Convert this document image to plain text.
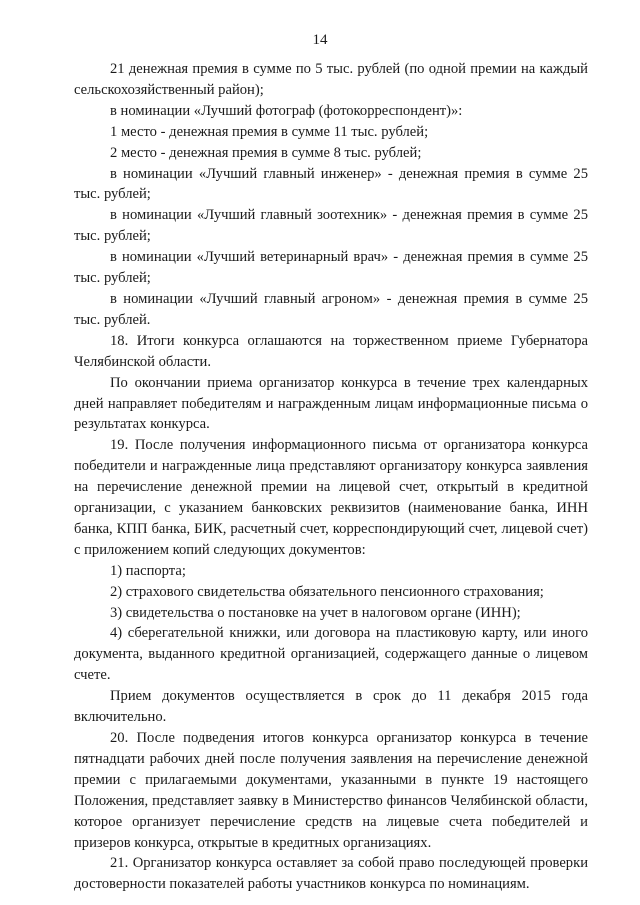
14

21 денежная премия в сумме по 5 тыс. рублей (по одной премии на каждый сельскохозяйственный район);

в номинации «Лучший фотограф (фотокорреспондент)»:

1 место - денежная премия в сумме 11 тыс. рублей;

2 место - денежная премия в сумме 8 тыс. рублей;

в номинации «Лучший главный инженер» - денежная премия в сумме 25 тыс. рублей;

в номинации «Лучший главный зоотехник» - денежная премия в сумме 25 тыс. рублей;

в номинации «Лучший ветеринарный врач» - денежная премия в сумме 25 тыс. рублей;

в номинации «Лучший главный агроном» - денежная премия в сумме 25 тыс. рублей.

18. Итоги конкурса оглашаются на торжественном приеме Губернатора Челябинской области.

По окончании приема организатор конкурса в течение трех календарных дней направляет победителям и награжденным лицам информационные письма о результатах конкурса.

19. После получения информационного письма от организатора конкурса победители и награжденные лица представляют организатору конкурса заявления на перечисление денежной премии на лицевой счет, открытый в кредитной организации, с указанием банковских реквизитов (наименование банка, ИНН банка, КПП банка, БИК, расчетный счет, корреспондирующий счет, лицевой счет) с приложением копий следующих документов:

1) паспорта;

2) страхового свидетельства обязательного пенсионного страхования;

3) свидетельства о постановке на учет в налоговом органе (ИНН);

4) сберегательной книжки, или договора на пластиковую карту, или иного документа, выданного кредитной организацией, содержащего данные о лицевом счете.

Прием документов осуществляется в срок до 11 декабря 2015 года включительно.

20. После подведения итогов конкурса организатор конкурса в течение пятнадцати рабочих дней после получения заявления на перечисление денежной премии с прилагаемыми документами, указанными в пункте 19 настоящего Положения, представляет заявку в Министерство финансов Челябинской области, которое организует перечисление средств на лицевые счета победителей и призеров конкурса, открытые в кредитных организациях.

21. Организатор конкурса оставляет за собой право последующей проверки достоверности показателей работы участников конкурса по номинациям.
